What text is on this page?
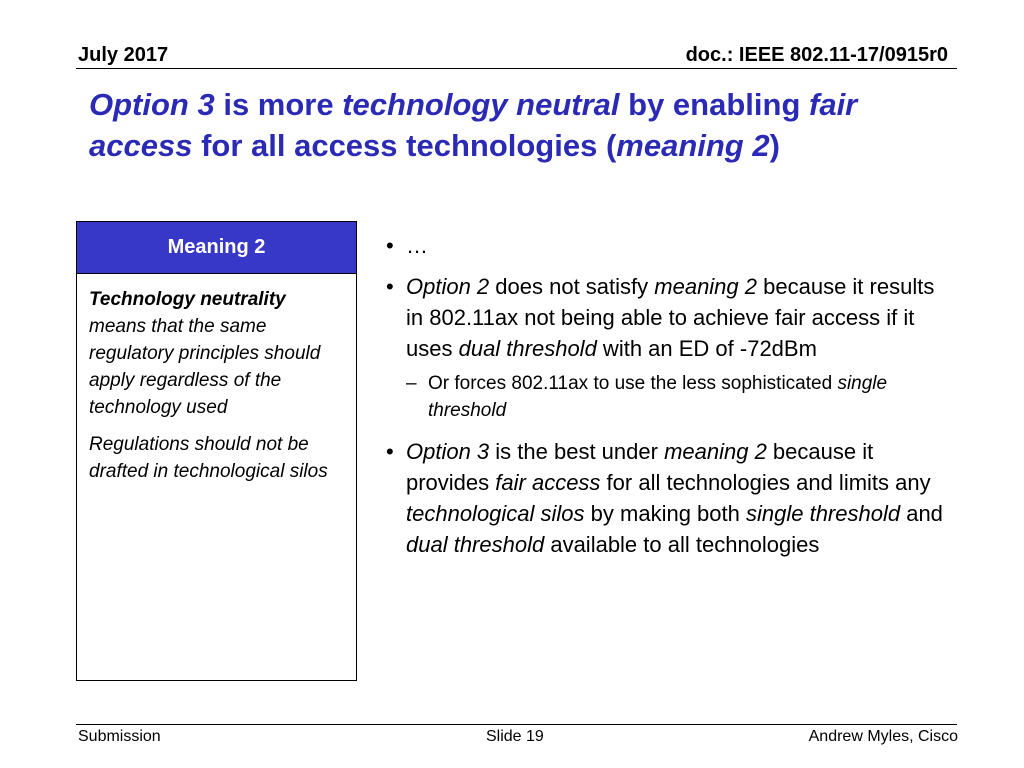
July 2017	doc.: IEEE 802.11-17/0915r0
Option 3 is more technology neutral by enabling fair access for all access technologies (meaning 2)
Meaning 2

Technology neutrality means that the same regulatory principles should apply regardless of the technology used

Regulations should not be drafted in technological silos

• …
• Option 2 does not satisfy meaning 2 because it results in 802.11ax not being able to achieve fair access if it uses dual threshold with an ED of -72dBm
– Or forces 802.11ax to use the less sophisticated single threshold
• Option 3 is the best under meaning 2 because it provides fair access for all technologies and limits any technological silos by making both single threshold and dual threshold available to all technologies
Submission	Slide 19	Andrew Myles, Cisco
